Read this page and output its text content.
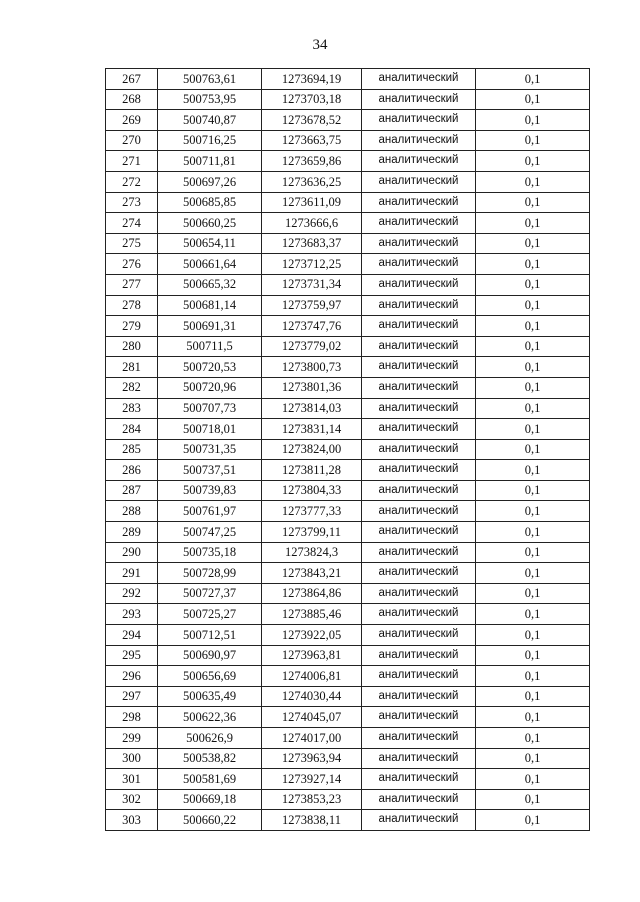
34
267	500763,61	1273694,19	аналитический	0,1
268	500753,95	1273703,18	аналитический	0,1
269	500740,87	1273678,52	аналитический	0,1
270	500716,25	1273663,75	аналитический	0,1
271	500711,81	1273659,86	аналитический	0,1
272	500697,26	1273636,25	аналитический	0,1
273	500685,85	1273611,09	аналитический	0,1
274	500660,25	1273666,6	аналитический	0,1
275	500654,11	1273683,37	аналитический	0,1
276	500661,64	1273712,25	аналитический	0,1
277	500665,32	1273731,34	аналитический	0,1
278	500681,14	1273759,97	аналитический	0,1
279	500691,31	1273747,76	аналитический	0,1
280	500711,5	1273779,02	аналитический	0,1
281	500720,53	1273800,73	аналитический	0,1
282	500720,96	1273801,36	аналитический	0,1
283	500707,73	1273814,03	аналитический	0,1
284	500718,01	1273831,14	аналитический	0,1
285	500731,35	1273824,00	аналитический	0,1
286	500737,51	1273811,28	аналитический	0,1
287	500739,83	1273804,33	аналитический	0,1
288	500761,97	1273777,33	аналитический	0,1
289	500747,25	1273799,11	аналитический	0,1
290	500735,18	1273824,3	аналитический	0,1
291	500728,99	1273843,21	аналитический	0,1
292	500727,37	1273864,86	аналитический	0,1
293	500725,27	1273885,46	аналитический	0,1
294	500712,51	1273922,05	аналитический	0,1
295	500690,97	1273963,81	аналитический	0,1
296	500656,69	1274006,81	аналитический	0,1
297	500635,49	1274030,44	аналитический	0,1
298	500622,36	1274045,07	аналитический	0,1
299	500626,9	1274017,00	аналитический	0,1
300	500538,82	1273963,94	аналитический	0,1
301	500581,69	1273927,14	аналитический	0,1
302	500669,18	1273853,23	аналитический	0,1
303	500660,22	1273838,11	аналитический	0,1
